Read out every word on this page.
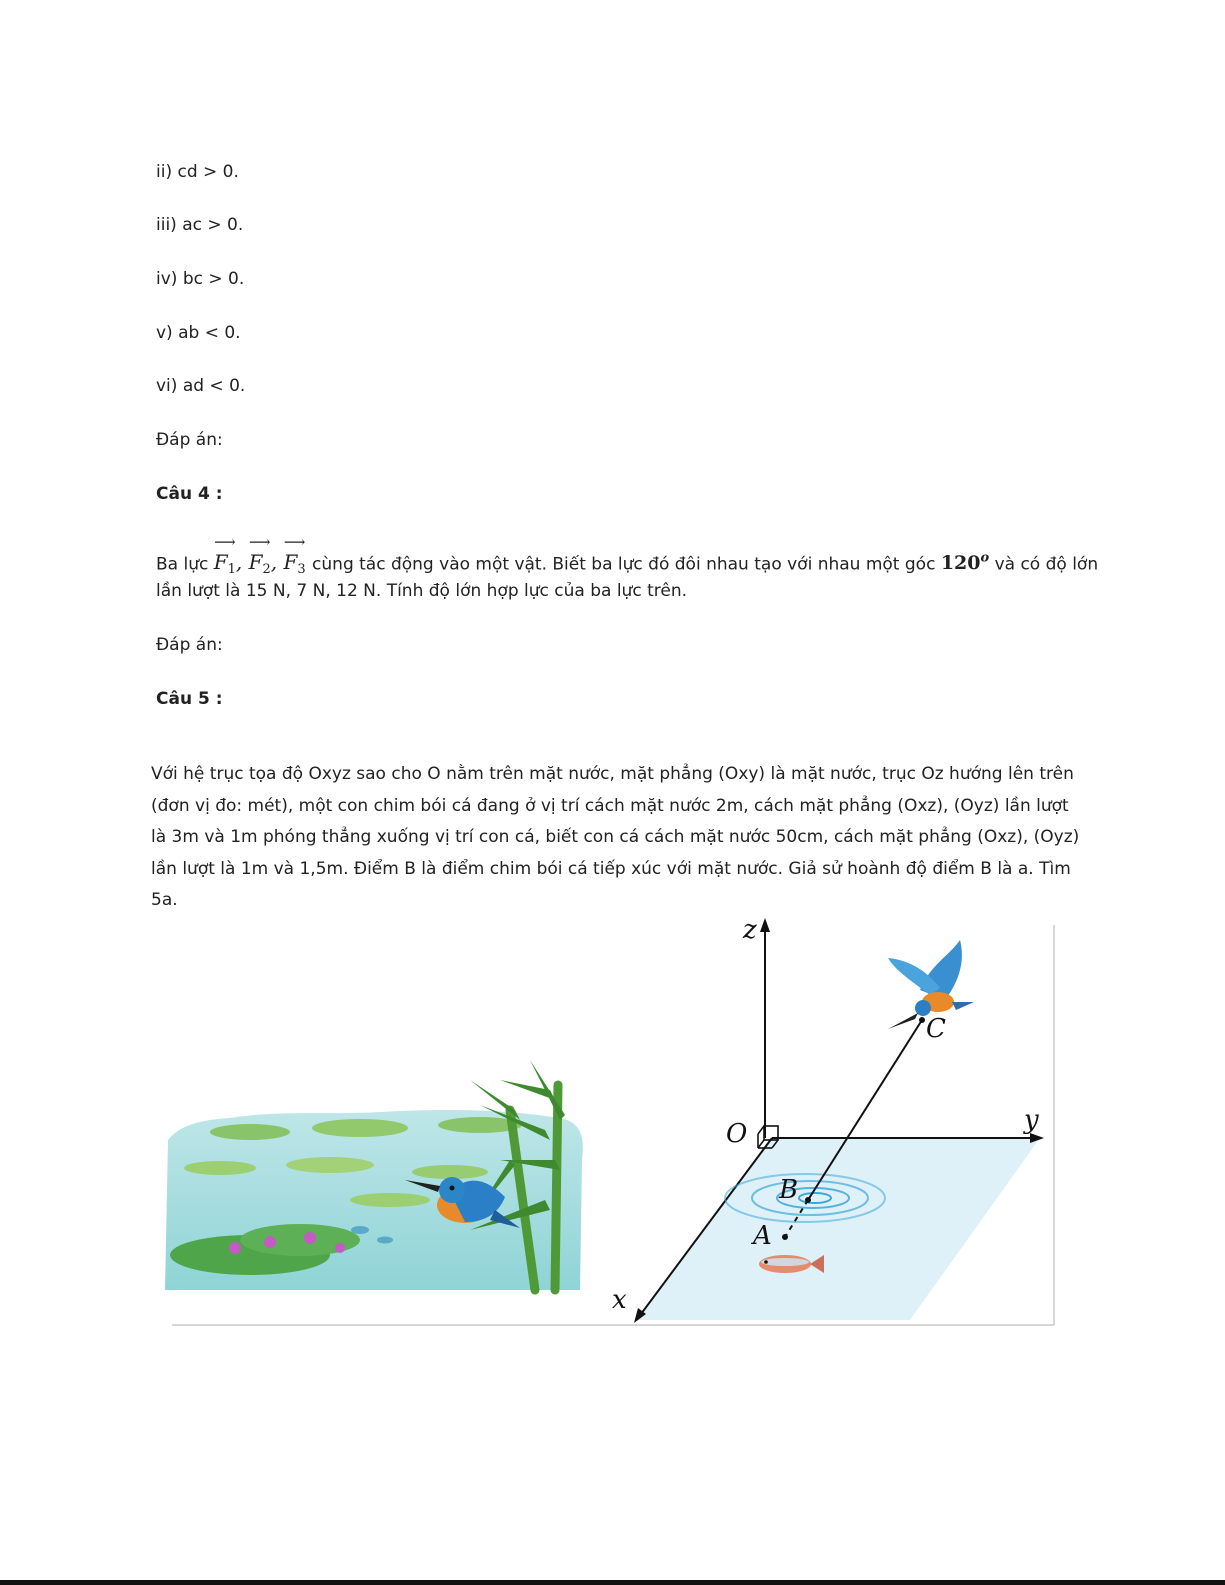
ii) cd > 0.
iii) ac > 0.
iv) bc > 0.
v) ab < 0.
vi) ad < 0.
Đáp án:
Câu 4 :
Ba lực
⟶
$F_1$,
⟶
$F_2$,
⟶
$F_3$ cùng tác động vào một vật. Biết ba lực đó đôi nhau tạo với nhau một góc 120$^o$ và có độ lớn
lần lượt là 15 N, 7 N, 12 N. Tính độ lớn hợp lực của ba lực trên.
Đáp án:
Câu 5 :
Với hệ trục tọa độ Oxyz sao cho O nằm trên mặt nước, mặt phẳng (Oxy) là mặt nước, trục Oz hướng lên trên (đơn vị đo: mét), một con chim bói cá đang ở vị trí cách mặt nước 2m, cách mặt phẳng (Oxz), (Oyz) lần lượt là 3m và 1m phóng thẳng xuống vị trí con cá, biết con cá cách mặt nước 50cm, cách mặt phẳng (Oxz), (Oyz) lần lượt là 1m và 1,5m. Điểm B là điểm chim bói cá tiếp xúc với mặt nước. Giả sử hoành độ điểm B là a. Tìm 5a.
z
y
x
O
B
A
C
